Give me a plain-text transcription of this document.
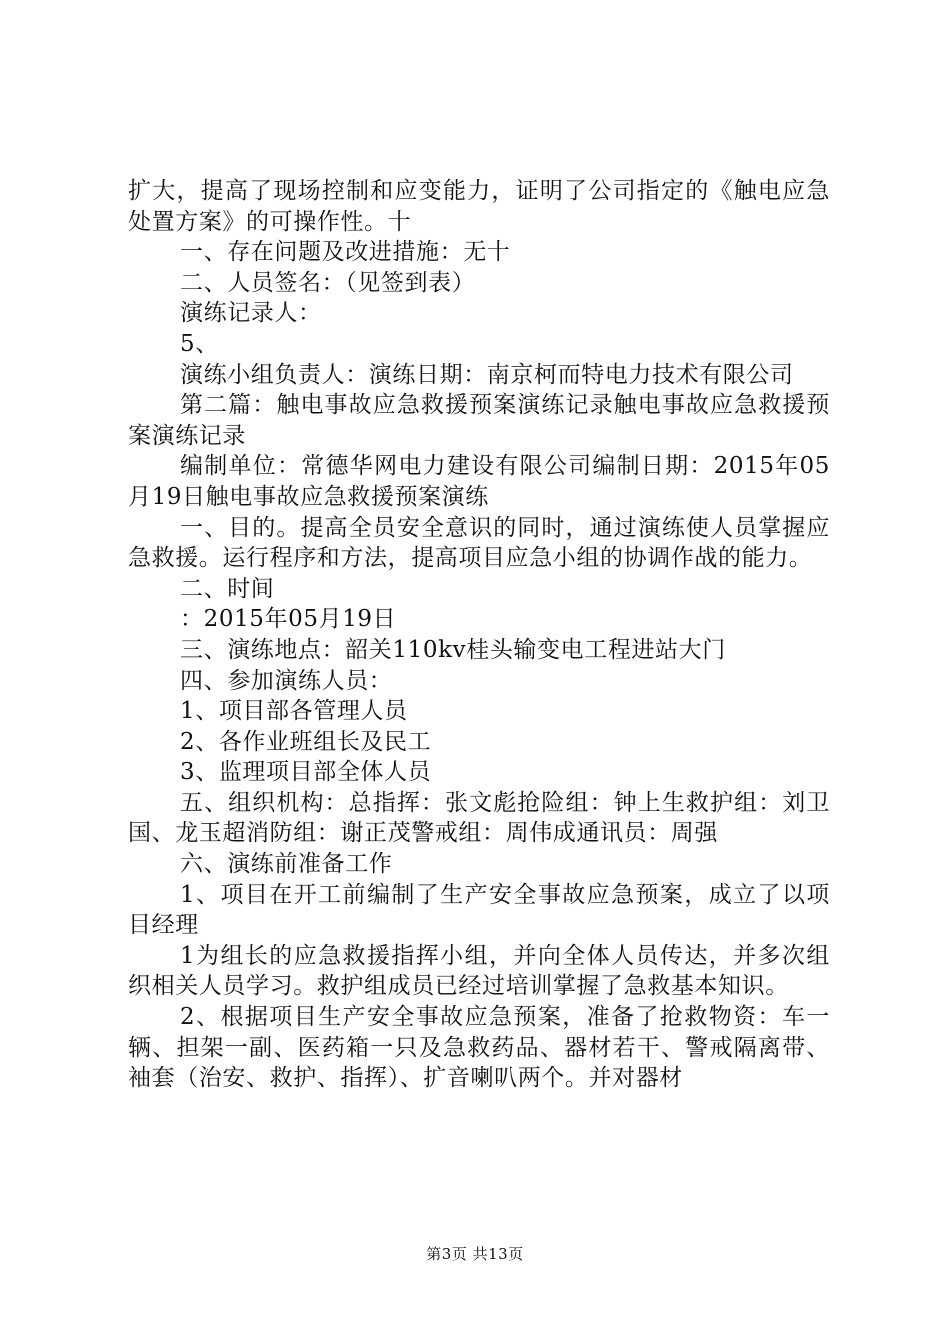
扩大，提高了现场控制和应变能力，证明了公司指定的《触电应急处置方案》的可操作性。十

一、存在问题及改进措施：无十

二、人员签名：（见签到表）

演练记录人：

5、

演练小组负责人：演练日期：南京柯而特电力技术有限公司

第二篇：触电事故应急救援预案演练记录触电事故应急救援预案演练记录

编制单位：常德华网电力建设有限公司编制日期：2015年05月19日触电事故应急救援预案演练

一、目的。提高全员安全意识的同时，通过演练使人员掌握应急救援。运行程序和方法，提高项目应急小组的协调作战的能力。

二、时间

：2015年05月19日

三、演练地点：韶关110kv桂头输变电工程进站大门

四、参加演练人员：

1、项目部各管理人员

2、各作业班组长及民工

3、监理项目部全体人员

五、组织机构：总指挥：张文彪抢险组：钟上生救护组：刘卫国、龙玉超消防组：谢正茂警戒组：周伟成通讯员：周强

六、演练前准备工作

1、项目在开工前编制了生产安全事故应急预案，成立了以项目经理

1为组长的应急救援指挥小组，并向全体人员传达，并多次组织相关人员学习。救护组成员已经过培训掌握了急救基本知识。

2、根据项目生产安全事故应急预案，准备了抢救物资：车一辆、担架一副、医药箱一只及急救药品、器材若干、警戒隔离带、袖套（治安、救护、指挥）、扩音喇叭两个。并对器材

第3页 共13页
